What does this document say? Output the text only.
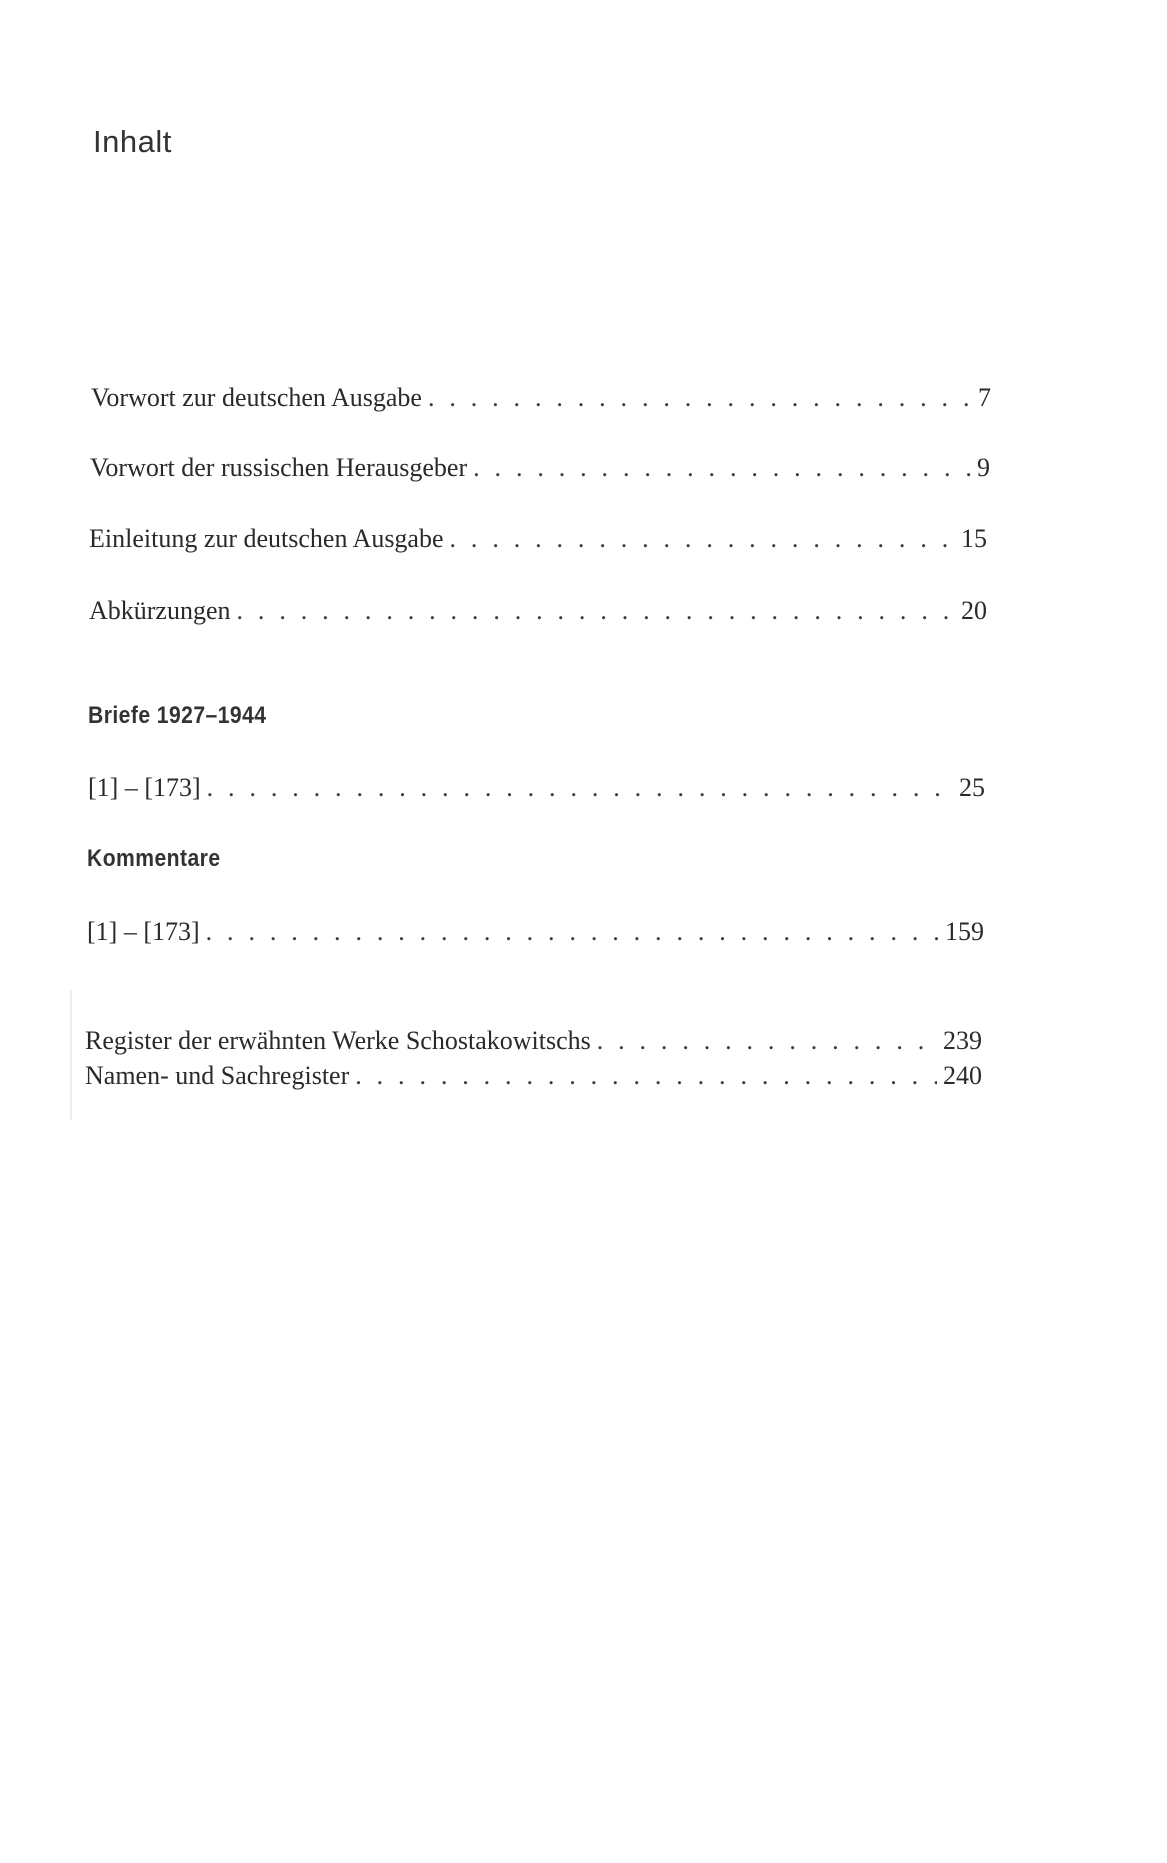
Inhalt
Vorwort zur deutschen Ausgabe . . .	7
Vorwort der russischen Herausgeber . . .	9
Einleitung zur deutschen Ausgabe . . .	15
Abkürzungen . . .	20
Briefe 1927–1944
[1] – [173] . . .	25
Kommentare
[1] – [173] . . .	159
Register der erwähnten Werke Schostakowitschs . . .	239
Namen- und Sachregister . . .	240
